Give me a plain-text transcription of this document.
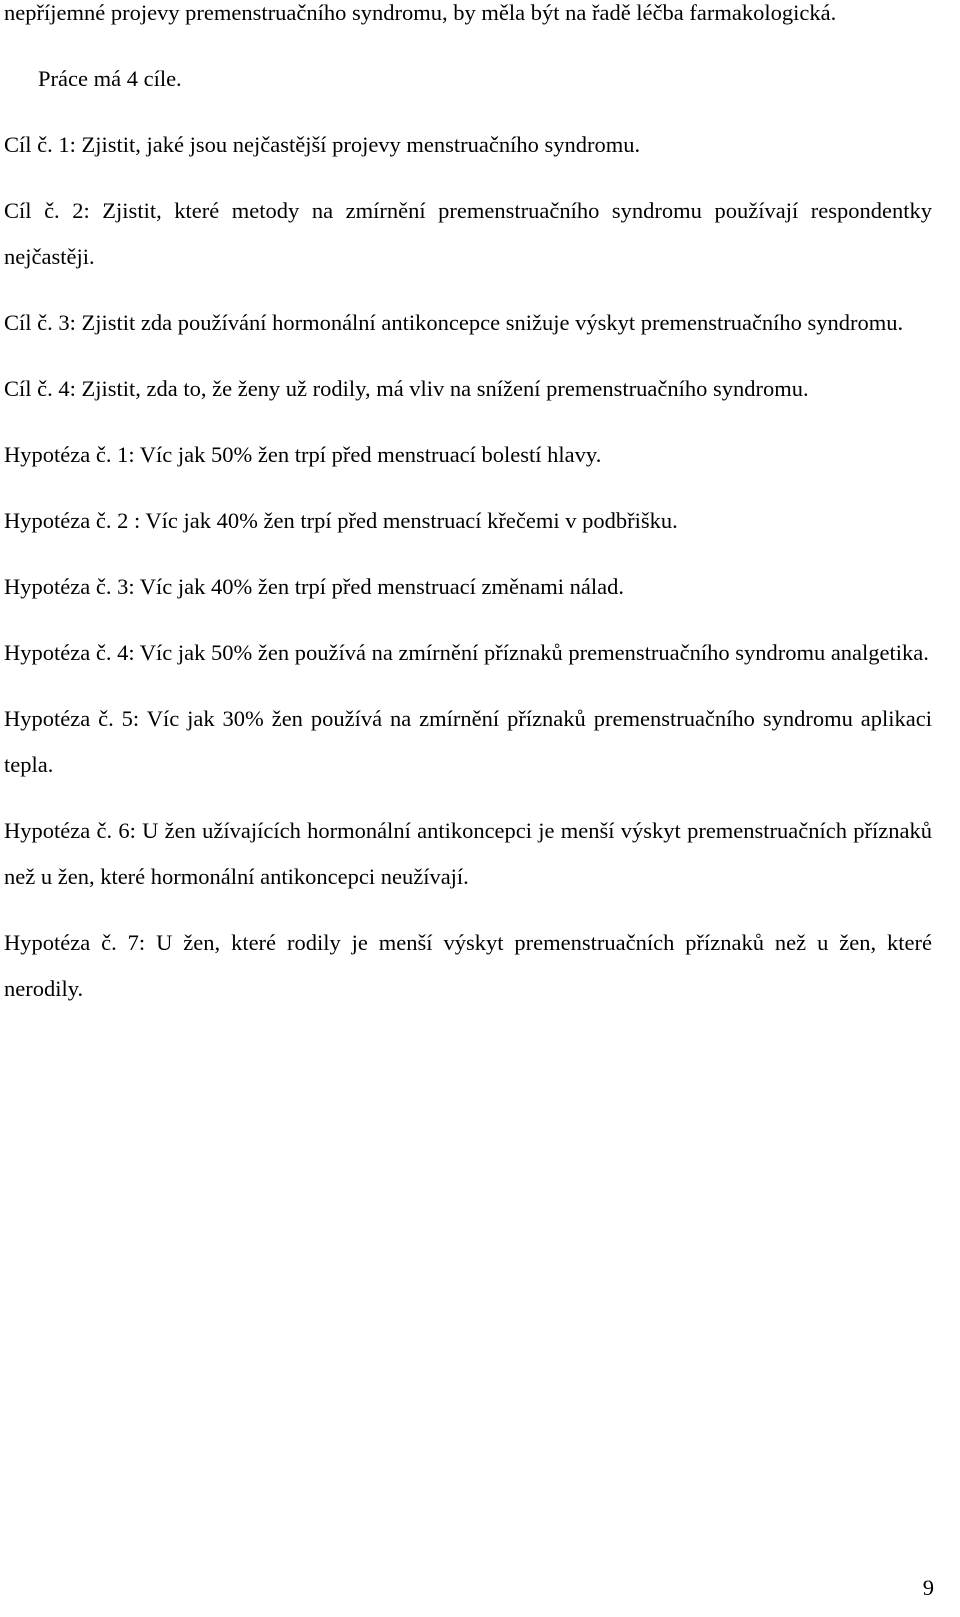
nepříjemné projevy premenstruačního syndromu, by měla být na řadě léčba farmakologická.

Práce má 4 cíle.

Cíl č. 1: Zjistit, jaké jsou nejčastější projevy menstruačního syndromu.

Cíl č. 2: Zjistit, které metody na zmírnění premenstruačního syndromu používají respondentky nejčastěji.

Cíl č. 3: Zjistit zda používání hormonální antikoncepce snižuje výskyt premenstruačního syndromu.

Cíl č. 4: Zjistit, zda to, že ženy už rodily, má vliv na snížení premenstruačního syndromu.

Hypotéza č. 1: Víc jak 50% žen trpí před menstruací bolestí hlavy.

Hypotéza č. 2 : Víc jak 40% žen trpí před menstruací křečemi v podbřišku.

Hypotéza č. 3: Víc jak 40% žen trpí před menstruací změnami nálad.

Hypotéza č. 4: Víc jak 50% žen používá na zmírnění příznaků premenstruačního syndromu analgetika.

Hypotéza č. 5: Víc jak 30% žen používá na zmírnění příznaků premenstruačního syndromu aplikaci tepla.

Hypotéza č. 6: U žen užívajících hormonální antikoncepci je menší výskyt premenstruačních příznaků než u žen, které hormonální antikoncepci neužívají.

Hypotéza č. 7: U žen, které rodily je menší výskyt premenstruačních příznaků než u žen, které nerodily.

9
